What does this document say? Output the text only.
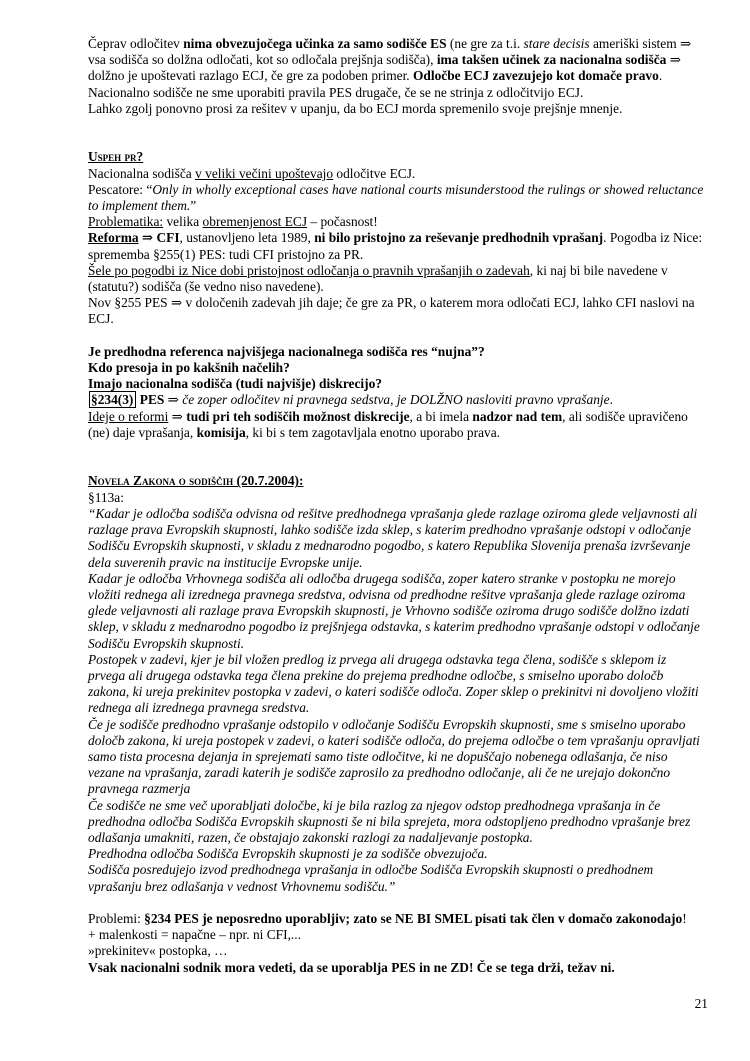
Čeprav odločitev nima obvezujočega učinka za samo sodišče ES (ne gre za t.i. stare decisis ameriški sistem ⇒ vsa sodišča so dolžna odločati, kot so odločala prejšnja sodišča), ima takšen učinek za nacionalna sodišča ⇒ dolžno je upoštevati razlago ECJ, če gre za podoben primer. Odločbe ECJ zavezujejo kot domače pravo.
Nacionalno sodišče ne sme uporabiti pravila PES drugače, če se ne strinja z odločitvijo ECJ.
Lahko zgolj ponovno prosi za rešitev v upanju, da bo ECJ morda spremenilo svoje prejšnje mnenje.

Uspeh pr?
Nacionalna sodišča v veliki večini upoštevajo odločitve ECJ.
Pescatore: “Only in wholly exceptional cases have national courts misunderstood the rulings or showed reluctance to implement them.”
Problematika: velika obremenjenost ECJ – počasnost!
Reforma ⇒ CFI, ustanovljeno leta 1989, ni bilo pristojno za reševanje predhodnih vprašanj. Pogodba iz Nice: sprememba §255(1) PES: tudi CFI pristojno za PR.
Šele po pogodbi iz Nice dobi pristojnost odločanja o pravnih vprašanjih o zadevah, ki naj bi bile navedene v (statutu?) sodišča (še vedno niso navedene).
Nov §255 PES ⇒ v določenih zadevah jih daje; če gre za PR, o katerem mora odločati ECJ, lahko CFI naslovi na ECJ.

Je predhodna referenca najvišjega nacionalnega sodišča res “nujna”?
Kdo presoja in po kakšnih načelih?
Imajo nacionalna sodišča (tudi najvišje) diskrecijo?
§234(3) PES ⇒ če zoper odločitev ni pravnega sedstva, je DOLŽNO nasloviti pravno vprašanje.
Ideje o reformi ⇒ tudi pri teh sodiščih možnost diskrecije, a bi imela nadzor nad tem, ali sodišče upravičeno (ne) daje vprašanja, komisija, ki bi s tem zagotavljala enotno uporabo prava.

Novela Zakona o sodiščih (20.7.2004):
§113a:
“Kadar je odločba sodišča odvisna od rešitve predhodnega vprašanja glede razlage oziroma glede veljavnosti ali razlage prava Evropskih skupnosti, lahko sodišče izda sklep, s katerim predhodno vprašanje odstopi v odločanje Sodišču Evropskih skupnosti, v skladu z mednarodno pogodbo, s katero Republika Slovenija prenaša izvrševanje dela suverenih pravic na institucije Evropske unije.
Kadar je odločba Vrhovnega sodišča ali odločba drugega sodišča, zoper katero stranke v postopku ne morejo vložiti rednega ali izrednega pravnega sredstva, odvisna od predhodne rešitve vprašanja glede razlage oziroma glede veljavnosti ali razlage prava Evropskih skupnosti, je Vrhovno sodišče oziroma drugo sodišče dolžno izdati sklep, v skladu z mednarodno pogodbo iz prejšnjega odstavka, s katerim predhodno vprašanje odstopi v odločanje Sodišču Evropskih skupnosti.
Postopek v zadevi, kjer je bil vložen predlog iz prvega ali drugega odstavka tega člena, sodišče s sklepom iz prvega ali drugega odstavka tega člena prekine do prejema predhodne odločbe, s smiselno uporabo določb zakona, ki ureja prekinitev postopka v zadevi, o kateri sodišče odloča. Zoper sklep o prekinitvi ni dovoljeno vložiti rednega ali izrednega pravnega sredstva.
Če je sodišče predhodno vprašanje odstopilo v odločanje Sodišču Evropskih skupnosti, sme s smiselno uporabo določb zakona, ki ureja postopek v zadevi, o kateri sodišče odloča, do prejema odločbe o tem vprašanju opravljati samo tista procesna dejanja in sprejemati samo tiste odločitve, ki ne dopuščajo nobenega odlašanja, če niso vezane na vprašanja, zaradi katerih je sodišče zaprosilo za predhodno odločanje, ali če ne urejajo dokončno pravnega razmerja
Če sodišče ne sme več uporabljati določbe, ki je bila razlog za njegov odstop predhodnega vprašanja in če predhodna odločba Sodišča Evropskih skupnosti še ni bila sprejeta, mora odstopljeno predhodno vprašanje brez odlašanja umakniti, razen, če obstajajo zakonski razlogi za nadaljevanje postopka.
Predhodna odločba Sodišča Evropskih skupnosti je za sodišče obvezujoča.
Sodišča posredujejo izvod predhodnega vprašanja in odločbe Sodišča Evropskih skupnosti o predhodnem vprašanju brez odlašanja v vednost Vrhovnemu sodišču.”

Problemi: §234 PES je neposredno uporabljiv; zato se NE BI SMEL pisati tak člen v domačo zakonodajo!
+ malenkosti = napačne – npr. ni CFI,...
»prekinitev« postopka, …
Vsak nacionalni sodnik mora vedeti, da se uporablja PES in ne ZD! Če se tega drži, težav ni.
21
